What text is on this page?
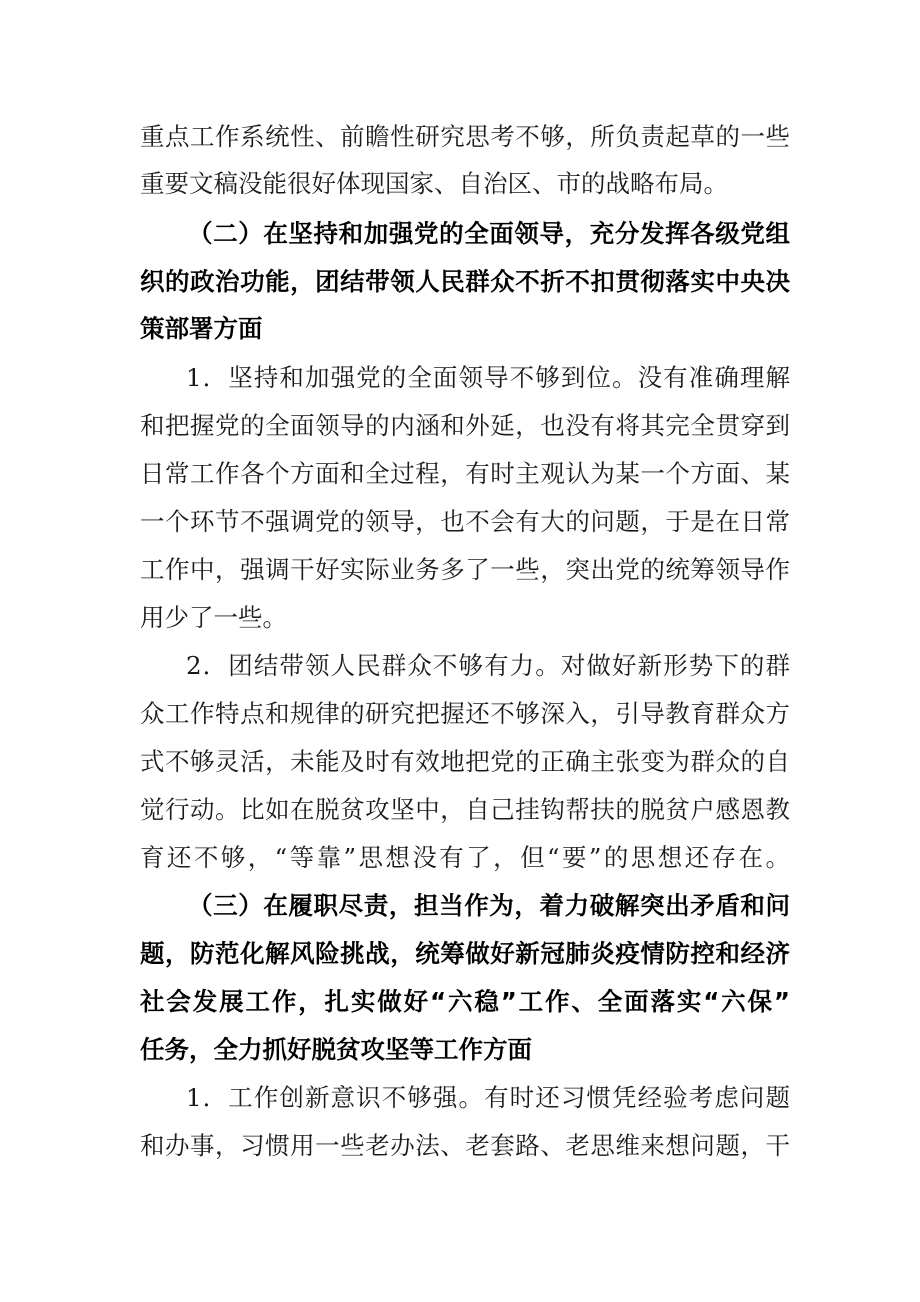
重点工作系统性、前瞻性研究思考不够，所负责起草的一些
重要文稿没能很好体现国家、自治区、市的战略布局。
（二）在坚持和加强党的全面领导，充分发挥各级党组
织的政治功能，团结带领人民群众不折不扣贯彻落实中央决
策部署方面
1．坚持和加强党的全面领导不够到位。没有准确理解
和把握党的全面领导的内涵和外延，也没有将其完全贯穿到
日常工作各个方面和全过程，有时主观认为某一个方面、某
一个环节不强调党的领导，也不会有大的问题，于是在日常
工作中，强调干好实际业务多了一些，突出党的统筹领导作
用少了一些。
2．团结带领人民群众不够有力。对做好新形势下的群
众工作特点和规律的研究把握还不够深入，引导教育群众方
式不够灵活，未能及时有效地把党的正确主张变为群众的自
觉行动。比如在脱贫攻坚中，自己挂钩帮扶的脱贫户感恩教
育还不够，“等靠”思想没有了，但“要”的思想还存在。
（三）在履职尽责，担当作为，着力破解突出矛盾和问
题，防范化解风险挑战，统筹做好新冠肺炎疫情防控和经济
社会发展工作，扎实做好“六稳”工作、全面落实“六保”
任务，全力抓好脱贫攻坚等工作方面
1．工作创新意识不够强。有时还习惯凭经验考虑问题
和办事，习惯用一些老办法、老套路、老思维来想问题，干
